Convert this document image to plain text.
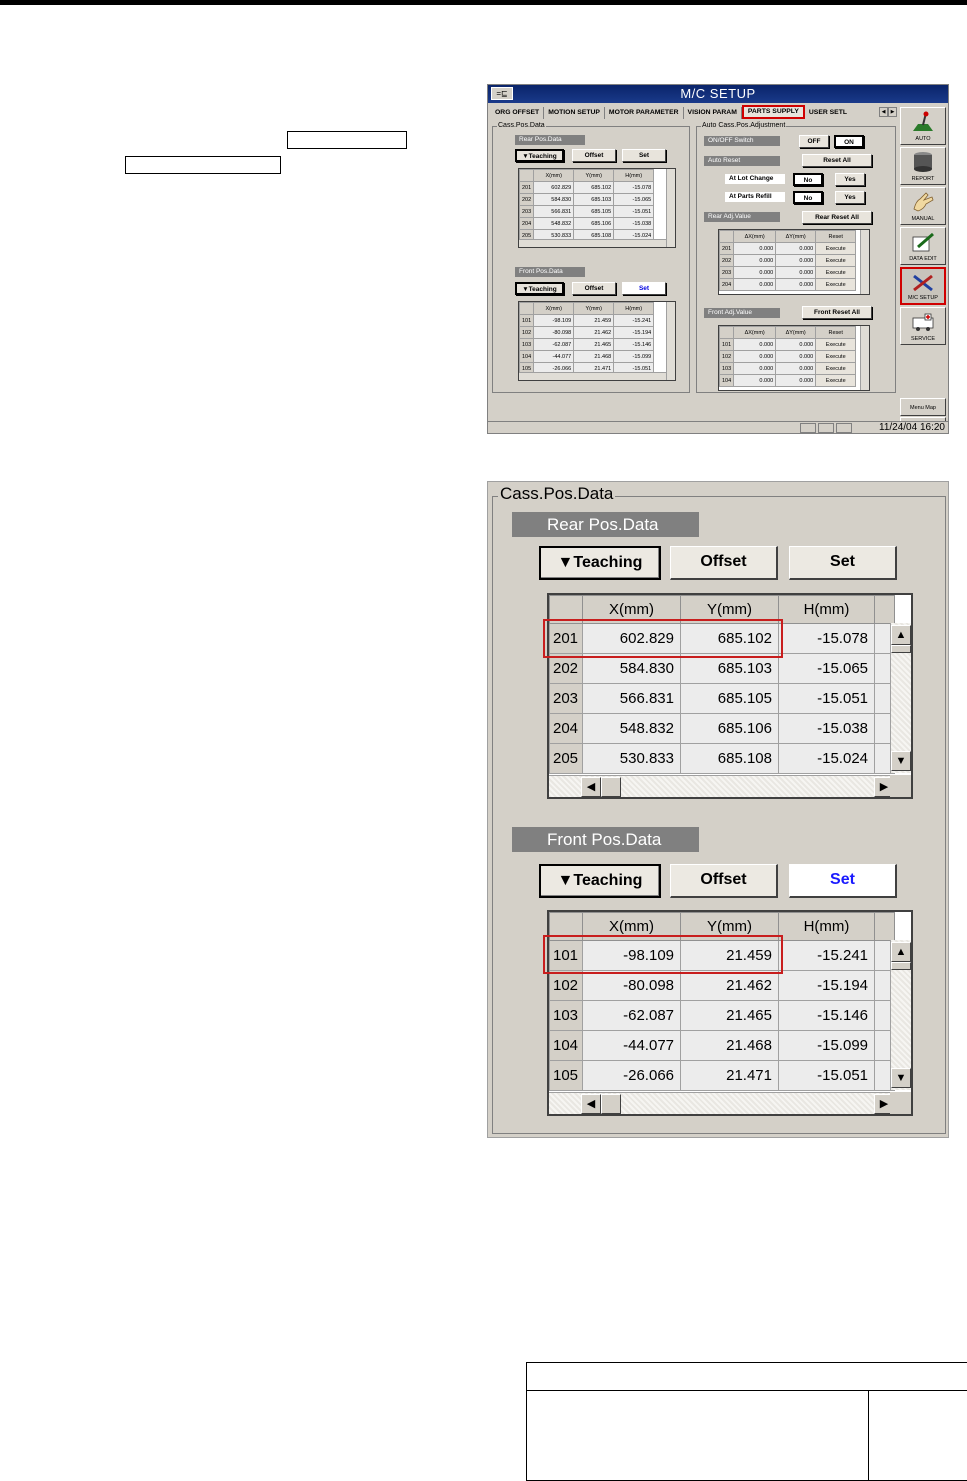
=⊑	M/C SETUP
ORG OFFSET	MOTION SETUP	MOTOR PARAMETER	VISION PARAM	PARTS SUPPLY	USER SETL	◀	▶
Cass.Pos.Data
Rear Pos.Data
▼Teaching	Offset	Set
	X(mm)	Y(mm)	H(mm)
201	602.829	685.102	-15.078
202	584.830	685.103	-15.065
203	566.831	685.105	-15.051
204	548.832	685.106	-15.038
205	530.833	685.108	-15.024
Front Pos.Data
▼Teaching	Offset	Set
	X(mm)	Y(mm)	H(mm)
101	-98.109	21.459	-15.241
102	-80.098	21.462	-15.194
103	-62.087	21.465	-15.146
104	-44.077	21.468	-15.099
105	-26.066	21.471	-15.051
Auto Cass.Pos.Adjustment
ON/OFF Switch	OFF	ON
Auto Reset	Reset All
At Lot Change	No	Yes
At Parts Refill	No	Yes
Rear Adj.Value	Rear Reset All
	ΔX(mm)	ΔY(mm)	Reset
201	0.000	0.000	Execute
202	0.000	0.000	Execute
203	0.000	0.000	Execute
204	0.000	0.000	Execute
Front Adj.Value	Front Reset All
	ΔX(mm)	ΔY(mm)	Reset
101	0.000	0.000	Execute
102	0.000	0.000	Execute
103	0.000	0.000	Execute
104	0.000	0.000	Execute
AUTO
REPORT
MANUAL
DATA EDIT
M/C SETUP
SERVICE
Menu Map
11/24/04 16:20
Cass.Pos.Data
Rear Pos.Data
▼Teaching	Offset	Set
	X(mm)	Y(mm)	H(mm)	
201	602.829	685.102	-15.078	
202	584.830	685.103	-15.065	
203	566.831	685.105	-15.051	
204	548.832	685.106	-15.038	
205	530.833	685.108	-15.024	
▲
▼
◀	▶
Front Pos.Data
▼Teaching	Offset	Set
	X(mm)	Y(mm)	H(mm)	
101	-98.109	21.459	-15.241	
102	-80.098	21.462	-15.194	
103	-62.087	21.465	-15.146	
104	-44.077	21.468	-15.099	
105	-26.066	21.471	-15.051	
▲
▼
◀	▶
